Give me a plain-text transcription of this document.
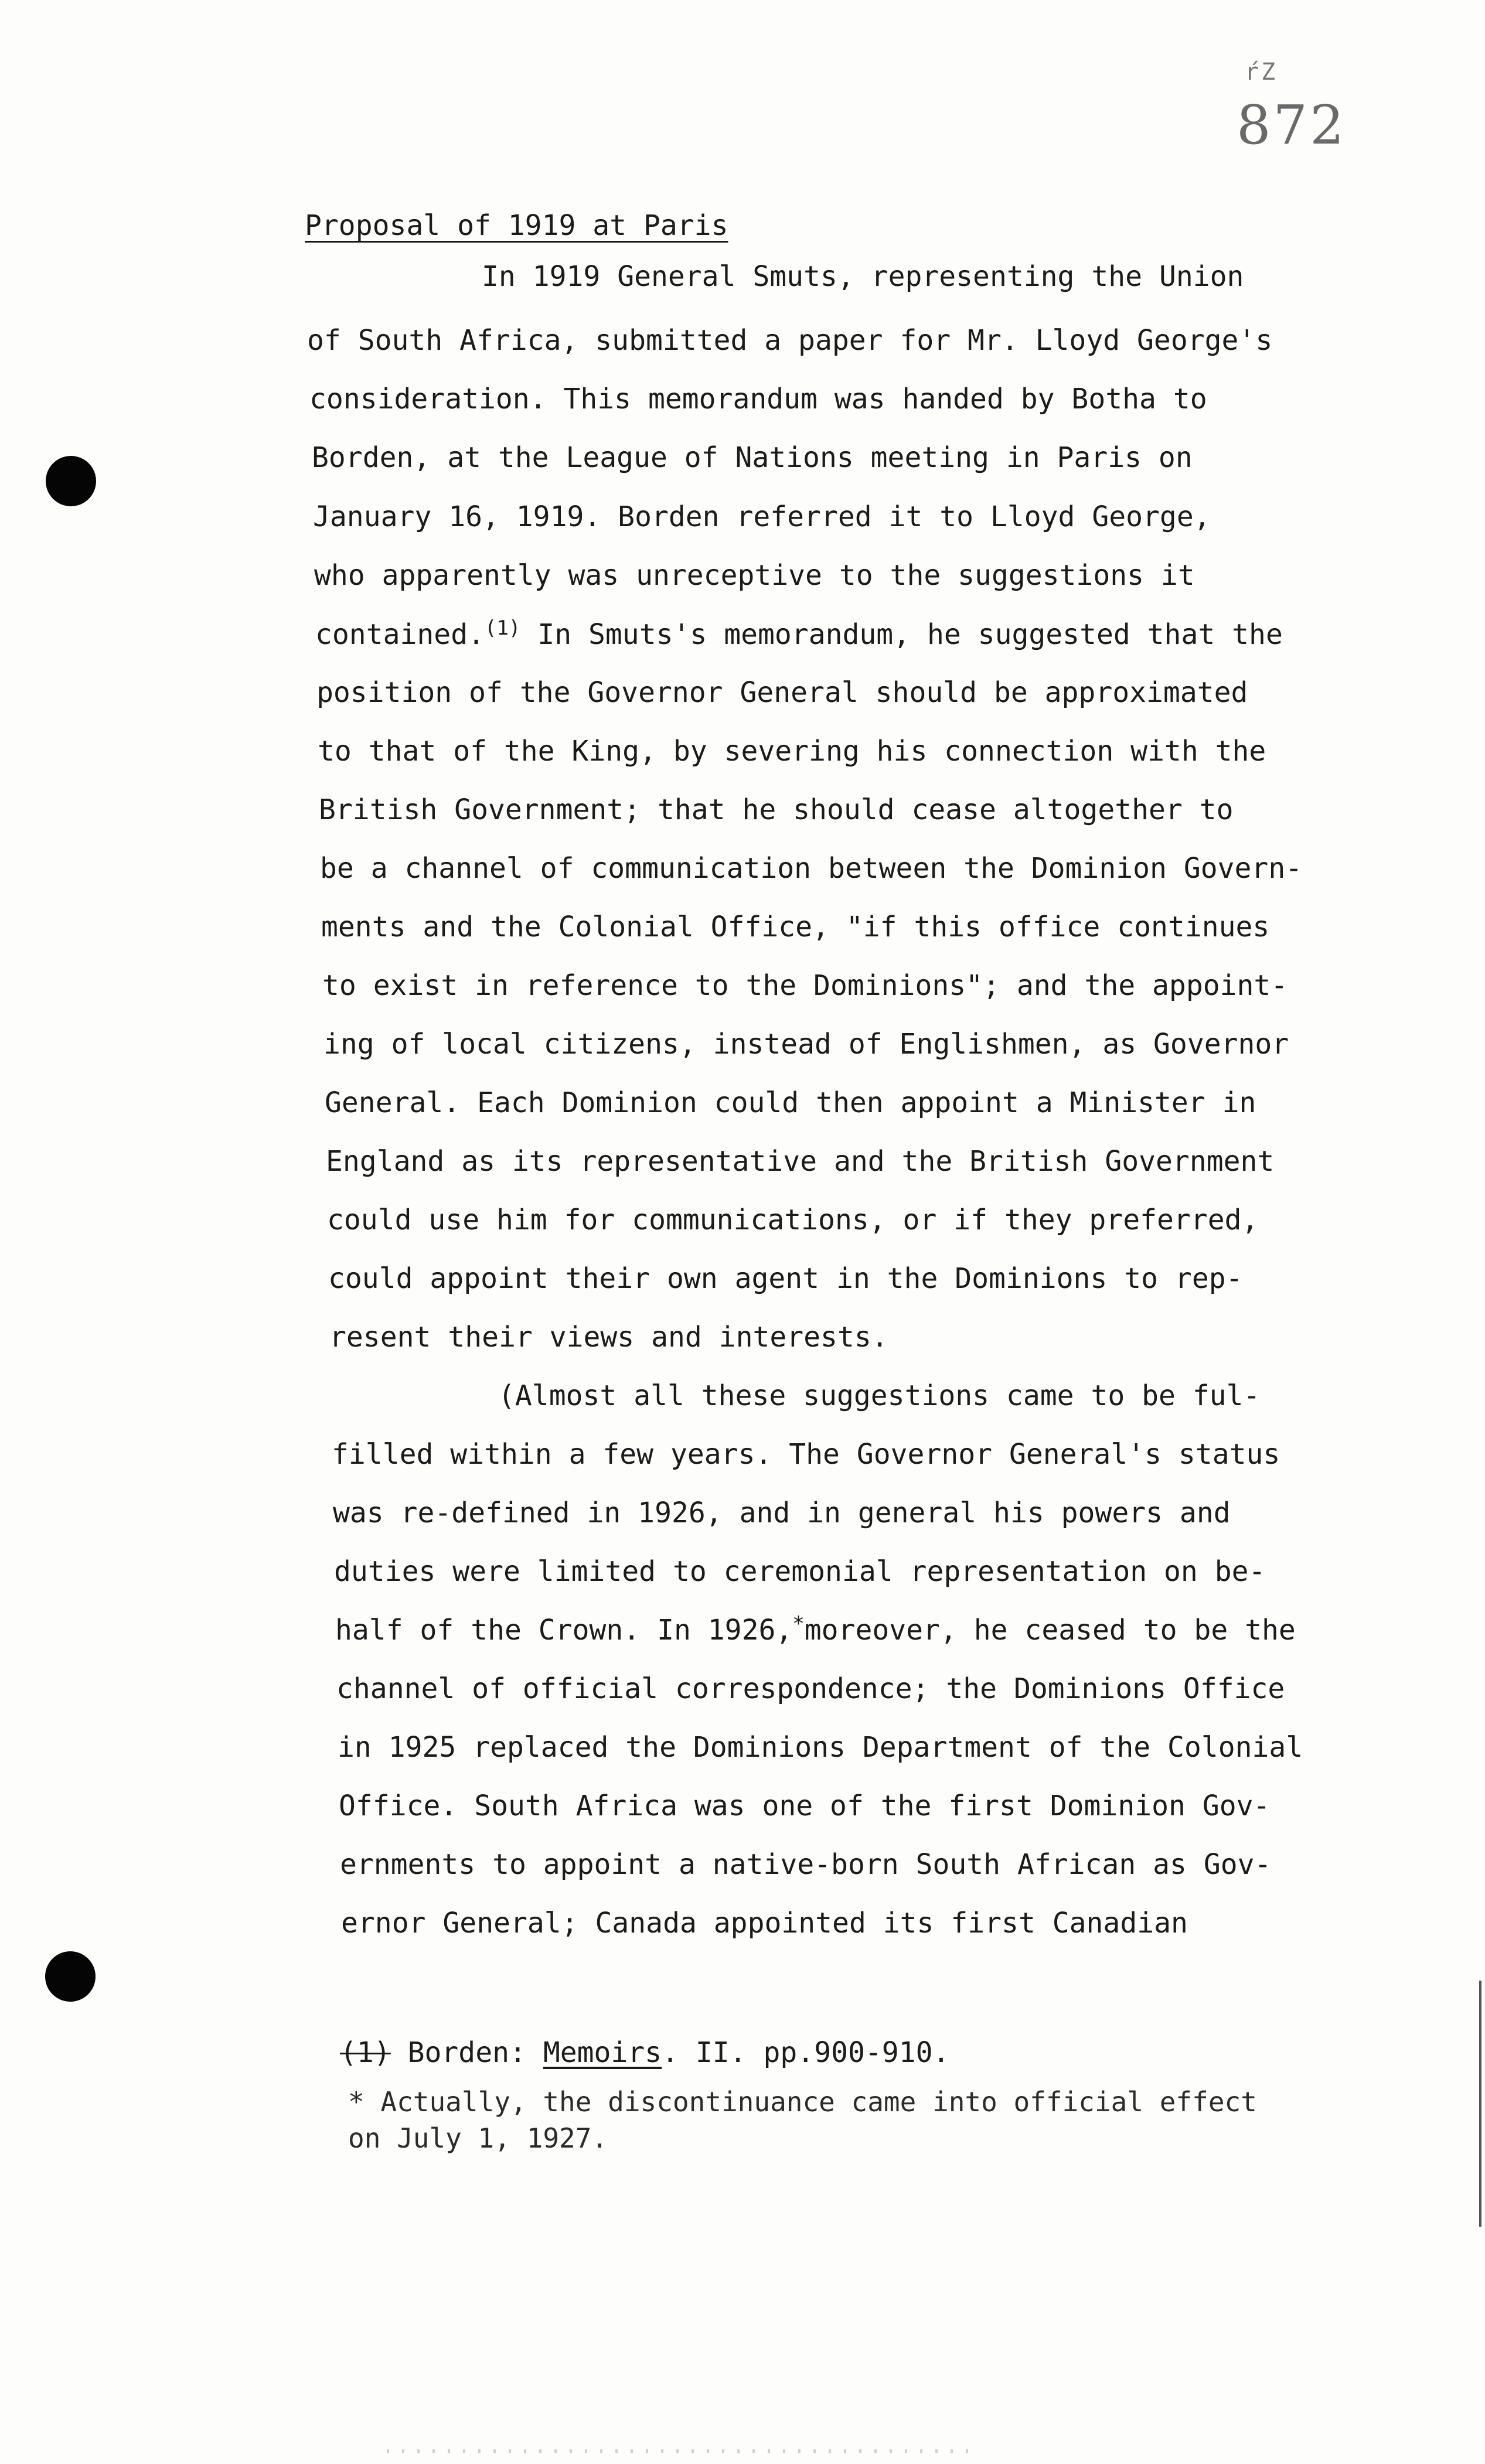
ŕZ
872
Proposal of 1919 at Paris
In 1919 General Smuts, representing the Union
of South Africa, submitted a paper for Mr. Lloyd George's
consideration. This memorandum was handed by Botha to
Borden, at the League of Nations meeting in Paris on
January 16, 1919. Borden referred it to Lloyd George,
who apparently was unreceptive to the suggestions it
contained.$^{(1)}$ In Smuts's memorandum, he suggested that the
position of the Governor General should be approximated
to that of the King, by severing his connection with the
British Government; that he should cease altogether to
be a channel of communication between the Dominion Govern-
ments and the Colonial Office, "if this office continues
to exist in reference to the Dominions"; and the appoint-
ing of local citizens, instead of Englishmen, as Governor
General. Each Dominion could then appoint a Minister in
England as its representative and the British Government
could use him for communications, or if they preferred,
could appoint their own agent in the Dominions to rep-
resent their views and interests.
(Almost all these suggestions came to be ful-
filled within a few years. The Governor General's status
was re-defined in 1926, and in general his powers and
duties were limited to ceremonial representation on be-
half of the Crown. In 1926,*moreover, he ceased to be the
channel of official correspondence; the Dominions Office
in 1925 replaced the Dominions Department of the Colonial
Office. South Africa was one of the first Dominion Gov-
ernments to appoint a native-born South African as Gov-
ernor General; Canada appointed its first Canadian
(1) Borden: Memoirs. II. pp.900-910.
* Actually, the discontinuance came into official effect
on July 1, 1927.
